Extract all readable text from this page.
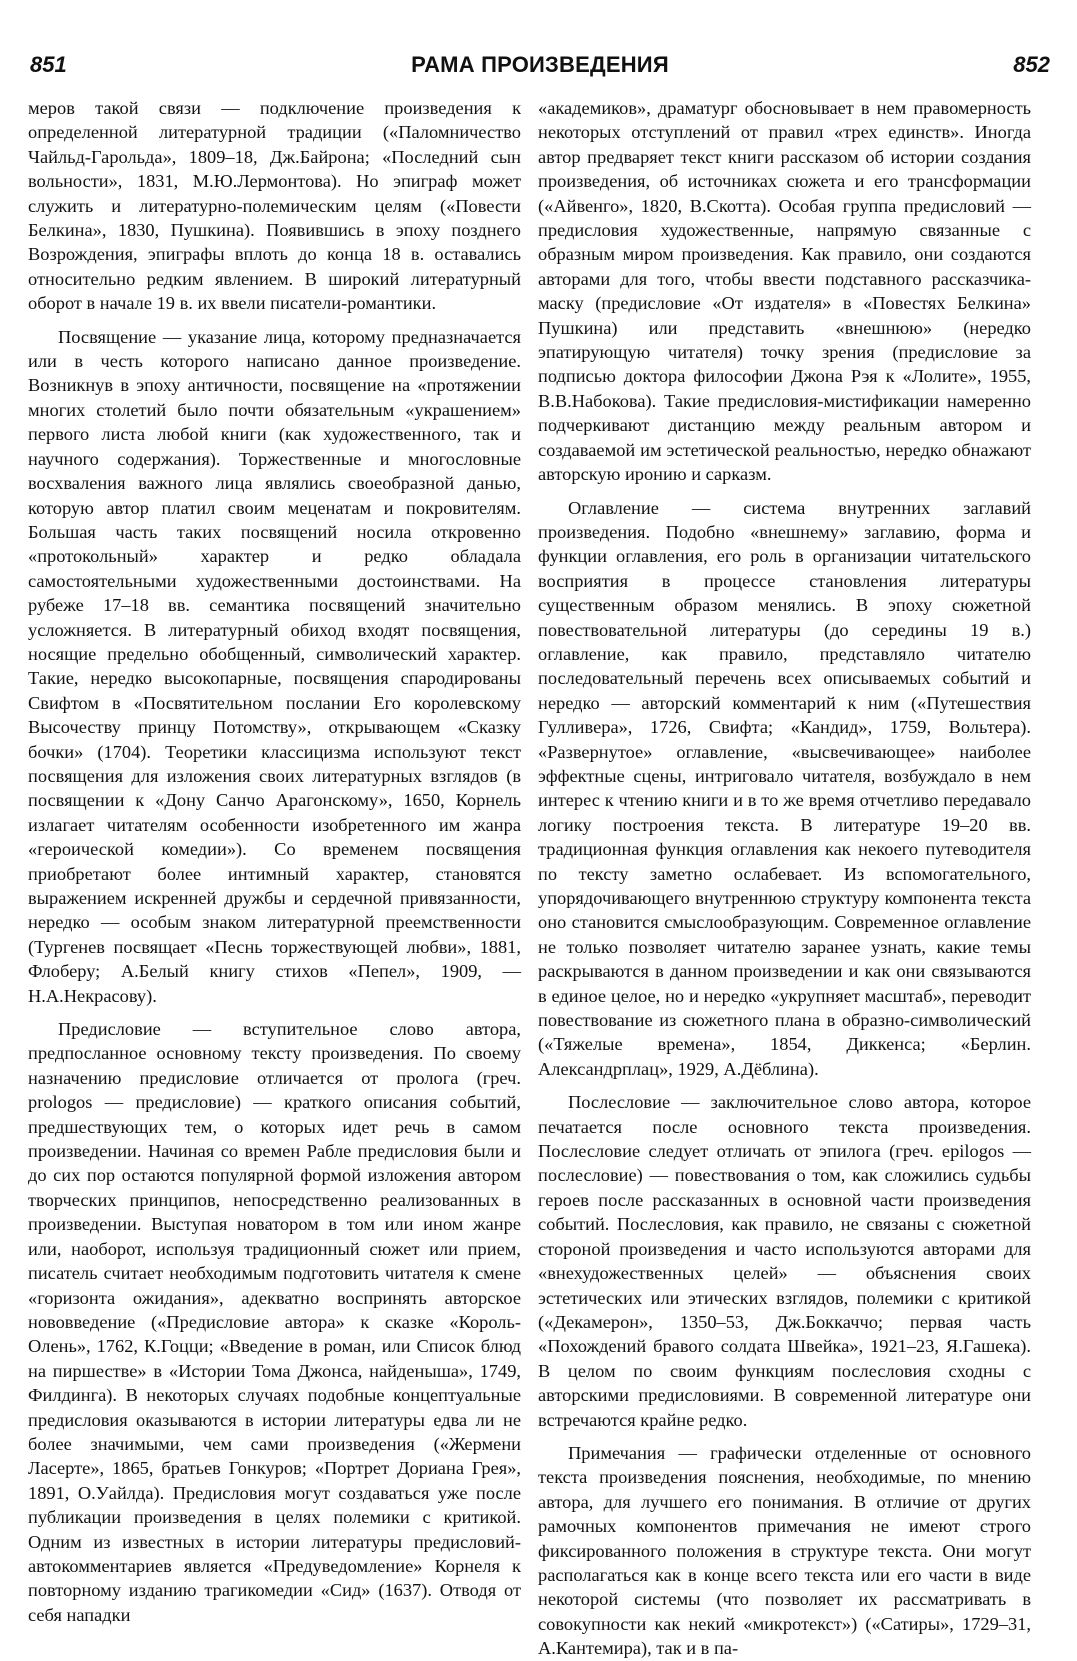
851	РАМА ПРОИЗВЕДЕНИЯ	852

меров такой связи — подключение произведения к определенной литературной традиции («Паломничество Чайльд-Гарольда», 1809–18, Дж.Байрона; «Последний сын вольности», 1831, М.Ю.Лермонтова). Но эпиграф может служить и литературно-полемическим целям («Повести Белкина», 1830, Пушкина). Появившись в эпоху позднего Возрождения, эпиграфы вплоть до конца 18 в. оставались относительно редким явлением. В широкий литературный оборот в начале 19 в. их ввели писатели-романтики.

Посвящение — указание лица, которому предназначается или в честь которого написано данное произведение. Возникнув в эпоху античности, посвящение на «протяжении многих столетий было почти обязательным «украшением» первого листа любой книги (как художественного, так и научного содержания). Торжественные и многословные восхваления важного лица являлись своеобразной данью, которую автор платил своим меценатам и покровителям. Большая часть таких посвящений носила откровенно «протокольный» характер и редко обладала самостоятельными художественными достоинствами. На рубеже 17–18 вв. семантика посвящений значительно усложняется. В литературный обиход входят посвящения, носящие предельно обобщенный, символический характер. Такие, нередко высокопарные, посвящения спародированы Свифтом в «Посвятительном послании Его королевскому Высочеству принцу Потомству», открывающем «Сказку бочки» (1704). Теоретики классицизма используют текст посвящения для изложения своих литературных взглядов (в посвящении к «Дону Санчо Арагонскому», 1650, Корнель излагает читателям особенности изобретенного им жанра «героической комедии»). Со временем посвящения приобретают более интимный характер, становятся выражением искренней дружбы и сердечной привязанности, нередко — особым знаком литературной преемственности (Тургенев посвящает «Песнь торжествующей любви», 1881, Флоберу; А.Белый книгу стихов «Пепел», 1909, — Н.А.Некрасову).

Предисловие — вступительное слово автора, предпосланное основному тексту произведения. По своему назначению предисловие отличается от пролога (греч. prologos — предисловие) — краткого описания событий, предшествующих тем, о которых идет речь в самом произведении. Начиная со времен Рабле предисловия были и до сих пор остаются популярной формой изложения автором творческих принципов, непосредственно реализованных в произведении. Выступая новатором в том или ином жанре или, наоборот, используя традиционный сюжет или прием, писатель считает необходимым подготовить читателя к смене «горизонта ожидания», адекватно воспринять авторское нововведение («Предисловие автора» к сказке «Король-Олень», 1762, К.Гоцци; «Введение в роман, или Список блюд на пиршестве» в «Истории Тома Джонса, найденыша», 1749, Филдинга). В некоторых случаях подобные концептуальные предисловия оказываются в истории литературы едва ли не более значимыми, чем сами произведения («Жермени Ласерте», 1865, братьев Гонкуров; «Портрет Дориана Грея», 1891, О.Уайлда). Предисловия могут создаваться уже после публикации произведения в целях полемики с критикой. Одним из известных в истории литературы предисловий-автокомментариев является «Предуведомление» Корнеля к повторному изданию трагикомедии «Сид» (1637). Отводя от себя нападки

«академиков», драматург обосновывает в нем правомерность некоторых отступлений от правил «трех единств». Иногда автор предваряет текст книги рассказом об истории создания произведения, об источниках сюжета и его трансформации («Айвенго», 1820, В.Скотта). Особая группа предисловий — предисловия художественные, напрямую связанные с образным миром произведения. Как правило, они создаются авторами для того, чтобы ввести подставного рассказчика-маску (предисловие «От издателя» в «Повестях Белкина» Пушкина) или представить «внешнюю» (нередко эпатирующую читателя) точку зрения (предисловие за подписью доктора философии Джона Рэя к «Лолите», 1955, В.В.Набокова). Такие предисловия-мистификации намеренно подчеркивают дистанцию между реальным автором и создаваемой им эстетической реальностью, нередко обнажают авторскую иронию и сарказм.

Оглавление — система внутренних заглавий произведения. Подобно «внешнему» заглавию, форма и функции оглавления, его роль в организации читательского восприятия в процессе становления литературы существенным образом менялись. В эпоху сюжетной повествовательной литературы (до середины 19 в.) оглавление, как правило, представляло читателю последовательный перечень всех описываемых событий и нередко — авторский комментарий к ним («Путешествия Гулливера», 1726, Свифта; «Кандид», 1759, Вольтера). «Развернутое» оглавление, «высвечивающее» наиболее эффектные сцены, интриговало читателя, возбуждало в нем интерес к чтению книги и в то же время отчетливо передавало логику построения текста. В литературе 19–20 вв. традиционная функция оглавления как некоего путеводителя по тексту заметно ослабевает. Из вспомогательного, упорядочивающего внутреннюю структуру компонента текста оно становится смыслообразующим. Современное оглавление не только позволяет читателю заранее узнать, какие темы раскрываются в данном произведении и как они связываются в единое целое, но и нередко «укрупняет масштаб», переводит повествование из сюжетного плана в образно-символический («Тяжелые времена», 1854, Диккенса; «Берлин. Александрплац», 1929, А.Дёблина).

Послесловие — заключительное слово автора, которое печатается после основного текста произведения. Послесловие следует отличать от эпилога (греч. epilogos — послесловие) — повествования о том, как сложились судьбы героев после рассказанных в основной части произведения событий. Послесловия, как правило, не связаны с сюжетной стороной произведения и часто используются авторами для «внехудожественных целей» — объяснения своих эстетических или этических взглядов, полемики с критикой («Декамерон», 1350–53, Дж.Боккаччо; первая часть «Похождений бравого солдата Швейка», 1921–23, Я.Гашека). В целом по своим функциям послесловия сходны с авторскими предисловиями. В современной литературе они встречаются крайне редко.

Примечания — графически отделенные от основного текста произведения пояснения, необходимые, по мнению автора, для лучшего его понимания. В отличие от других рамочных компонентов примечания не имеют строго фиксированного положения в структуре текста. Они могут располагаться как в конце всего текста или его части в виде некоторой системы (что позволяет их рассматривать в совокупности как некий «микротекст») («Сатиры», 1729–31, А.Кантемира), так и в па-
